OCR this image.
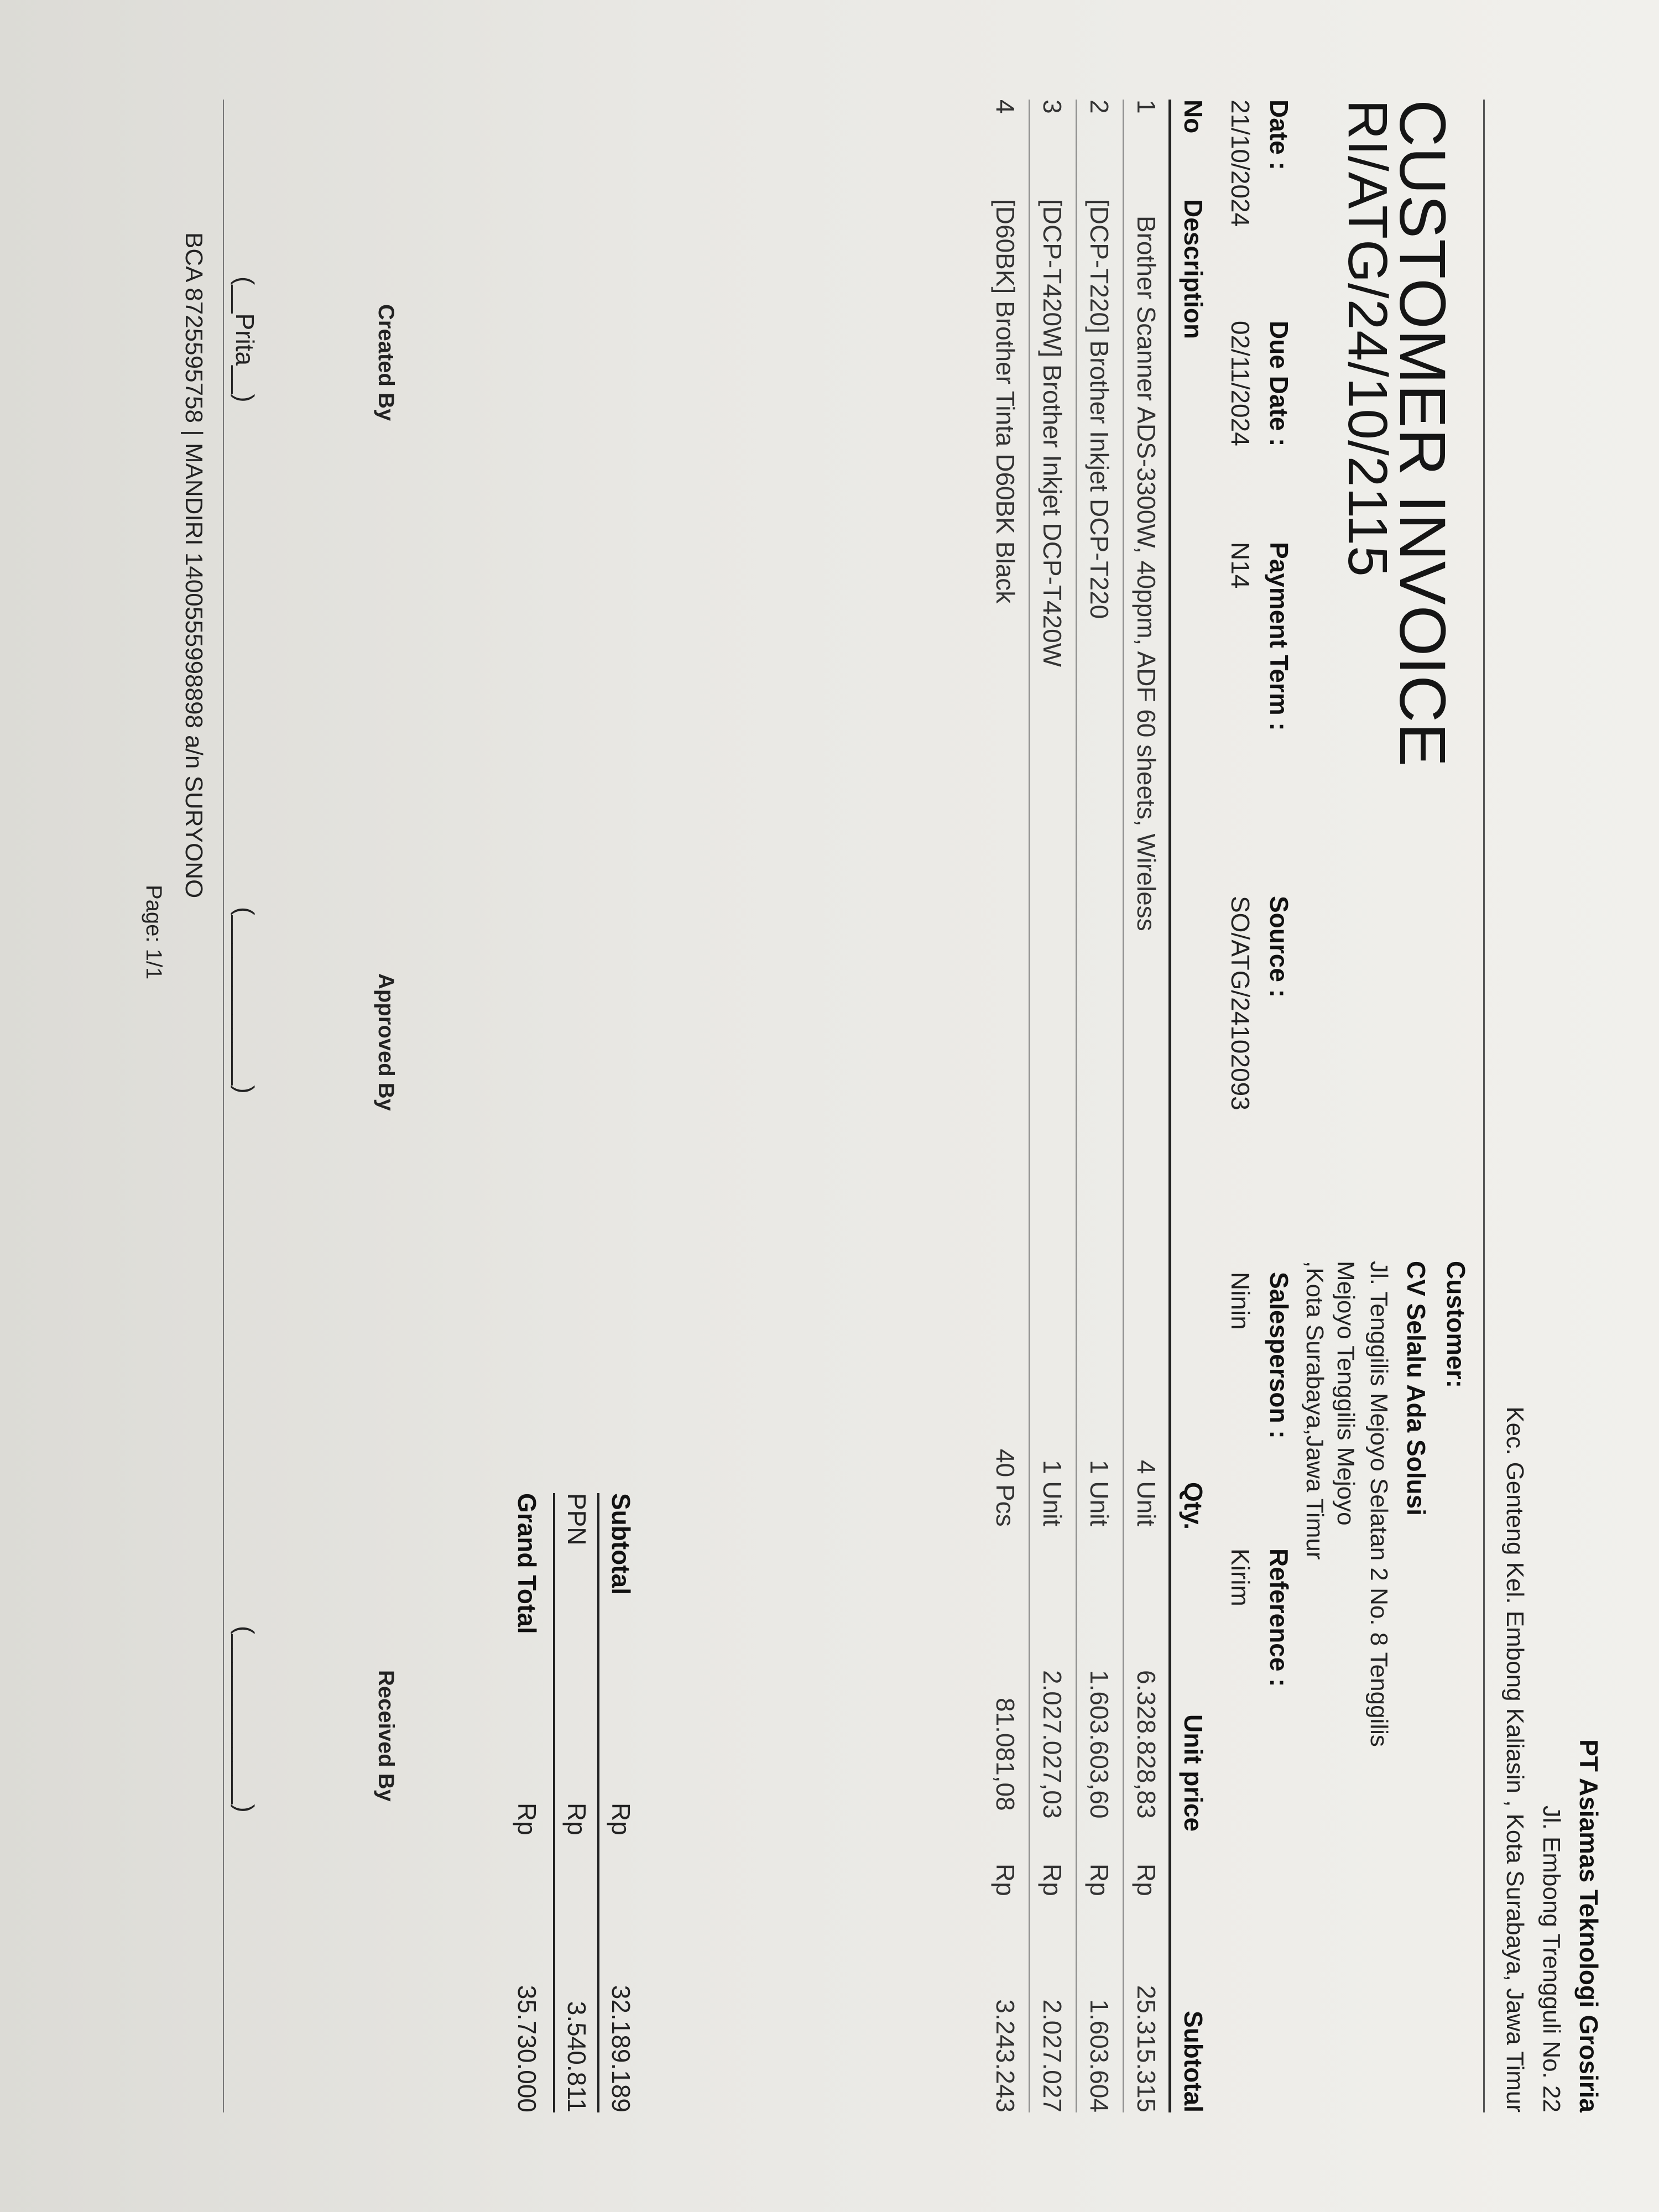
PT Asiamas Teknologi Grosiria
Jl. Embong Trengguli No. 22
Kec. Genteng Kel. Embong Kaliasin , Kota Surabaya, Jawa Timur
CUSTOMER INVOICE
RI/ATG/24/10/2115
Customer:
CV Selalu Ada Solusi
Jl. Tenggilis Mejoyo Selatan 2 No. 8 Tenggilis
Mejoyo Tenggilis Mejoyo
,Kota Surabaya,Jawa Timur
Date :
Due Date :
Payment Term :
Source :
Salesperson :
Reference :
21/10/2024
02/11/2024
N14
SO/ATG/24102093
Ninin
Kirim
No
Description
Qty.
Unit price
Subtotal
1
Brother Scanner ADS-3300W, 40ppm, ADF 60 sheets, Wireless
4 Unit
6.328.828,83
Rp
25.315.315
2
[DCP-T220] Brother Inkjet DCP-T220
1 Unit
1.603.603,60
Rp
1.603.604
3
[DCP-T420W] Brother Inkjet DCP-T420W
1 Unit
2.027.027,03
Rp
2.027.027
4
[D60BK] Brother Tinta D60BK Black
40 Pcs
81.081,08
Rp
3.243.243
Subtotal
Rp
32.189.189
PPN
Rp
3.540.811
Grand Total
Rp
35.730.000
Created By
Approved By
Received By
(__Prita__)
(____________)
(____________)
BCA 8725595758 | MANDIRI 1400555998898 a/n SURYONO
Page: 1/1
